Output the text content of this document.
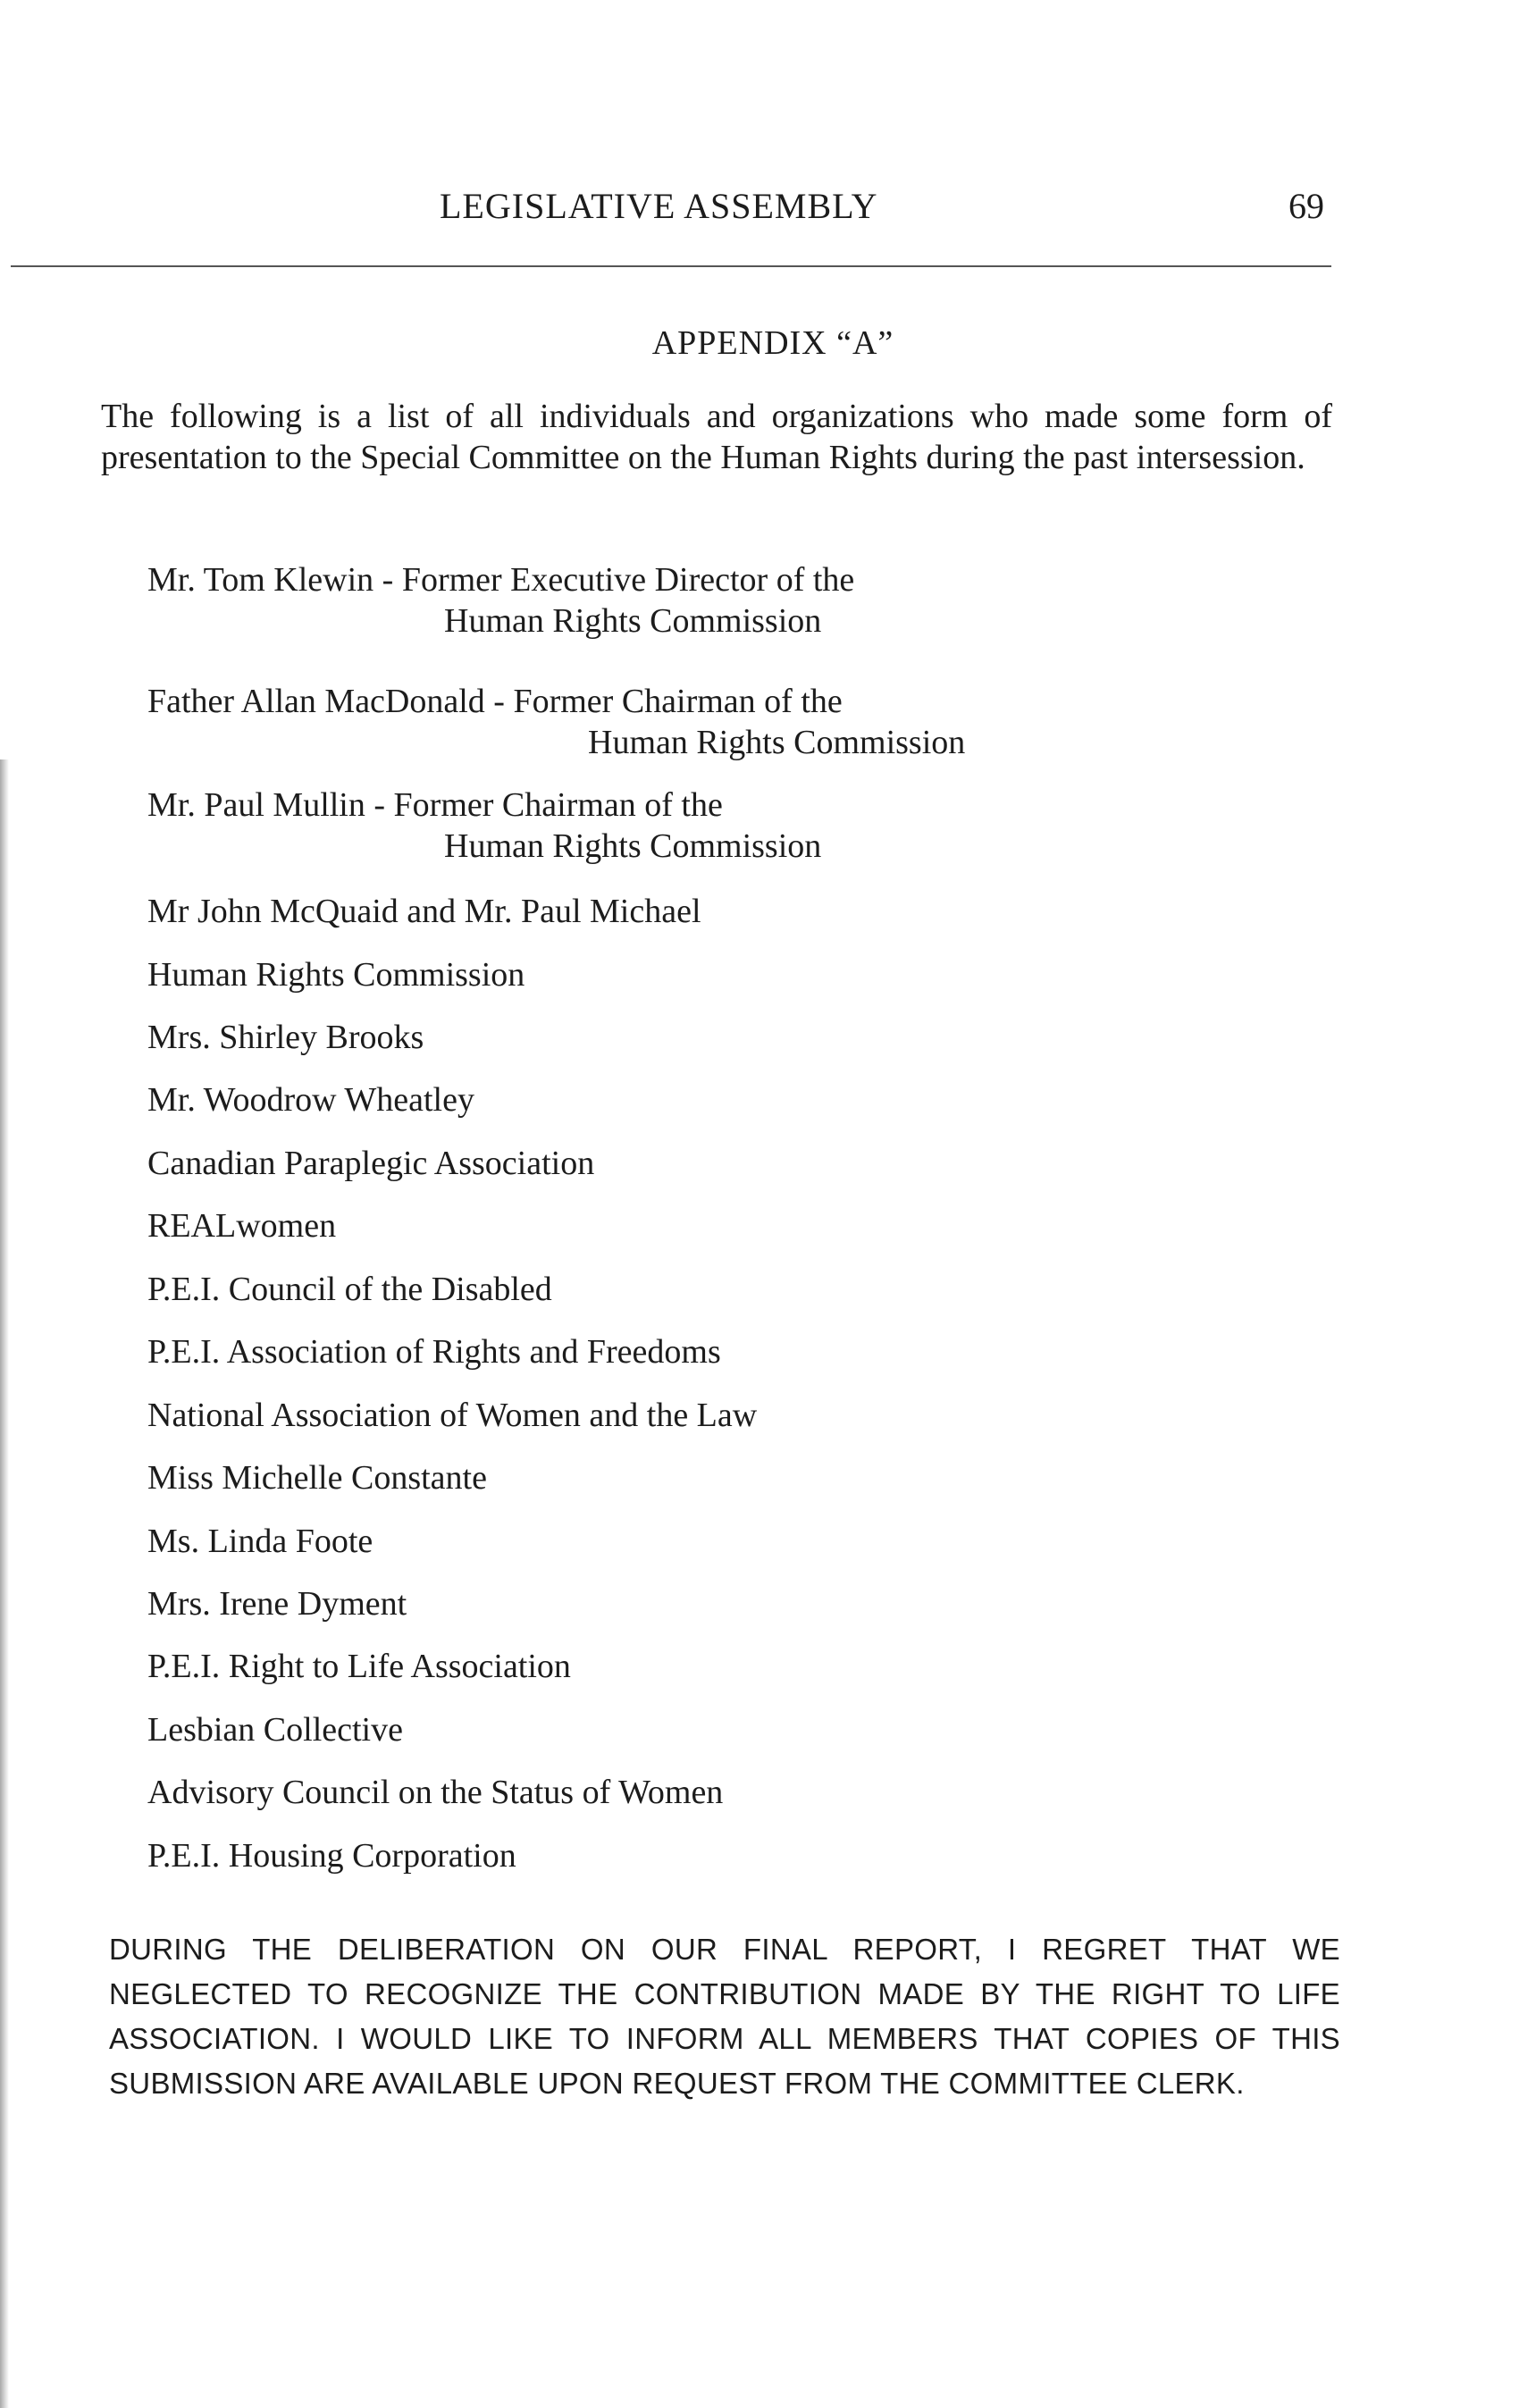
LEGISLATIVE ASSEMBLY	69
APPENDIX “A”

The following is a list of all individuals and organizations who made some form of presentation to the Special Committee on the Human Rights during the past intersession.

Mr. Tom Klewin - Former Executive Director of the
Human Rights Commission
Father Allan MacDonald - Former Chairman of the
Human Rights Commission
Mr. Paul Mullin - Former Chairman of the
Human Rights Commission
Mr John McQuaid and Mr. Paul Michael
Human Rights Commission
Mrs. Shirley Brooks
Mr. Woodrow Wheatley
Canadian Paraplegic Association
REALwomen
P.E.I. Council of the Disabled
P.E.I. Association of Rights and Freedoms
National Association of Women and the Law
Miss Michelle Constante
Ms. Linda Foote
Mrs. Irene Dyment
P.E.I. Right to Life Association
Lesbian Collective
Advisory Council on the Status of Women
P.E.I. Housing Corporation

DURING THE DELIBERATION ON OUR FINAL REPORT, I REGRET THAT WE NEGLECTED TO RECOGNIZE THE CONTRIBUTION MADE BY THE RIGHT TO LIFE ASSOCIATION. I WOULD LIKE TO INFORM ALL MEMBERS THAT COPIES OF THIS SUBMISSION ARE AVAILABLE UPON REQUEST FROM THE COMMITTEE CLERK.
